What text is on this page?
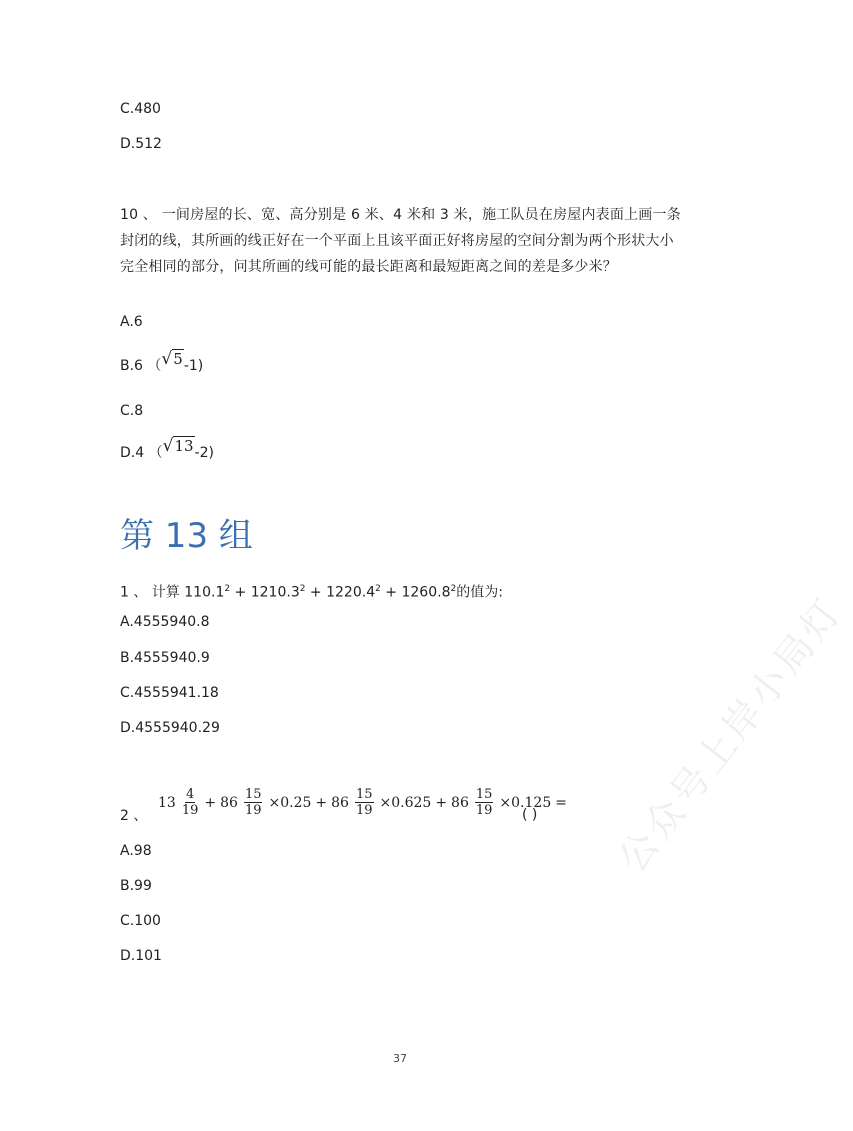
公众号上岸小局灯
C.480
D.512
10 、 一间房屋的长、宽、高分别是 6 米、4 米和 3 米，施工队员在房屋内表面上画一条封闭的线，其所画的线正好在一个平面上且该平面正好将房屋的空间分割为两个形状大小完全相同的部分，问其所画的线可能的最长距离和最短距离之间的差是多少米？
A.6
B.6 （√5-1)
C.8
D.4 （√13-2)
第 13 组
1 、 计算 $110.1^2 + 1210.3^2 + 1220.4^2 + 1260.8^2$的值为:
A.4555940.8
B.4555940.9
C.4555941.18
D.4555940.29
2 、
$13 \frac{4}{19} + 86 \frac{15}{19} \times 0.25 + 86 \frac{15}{19} \times 0.625 + 86 \frac{15}{19} \times 0.125$ =
( )
A.98
B.99
C.100
D.101
37
